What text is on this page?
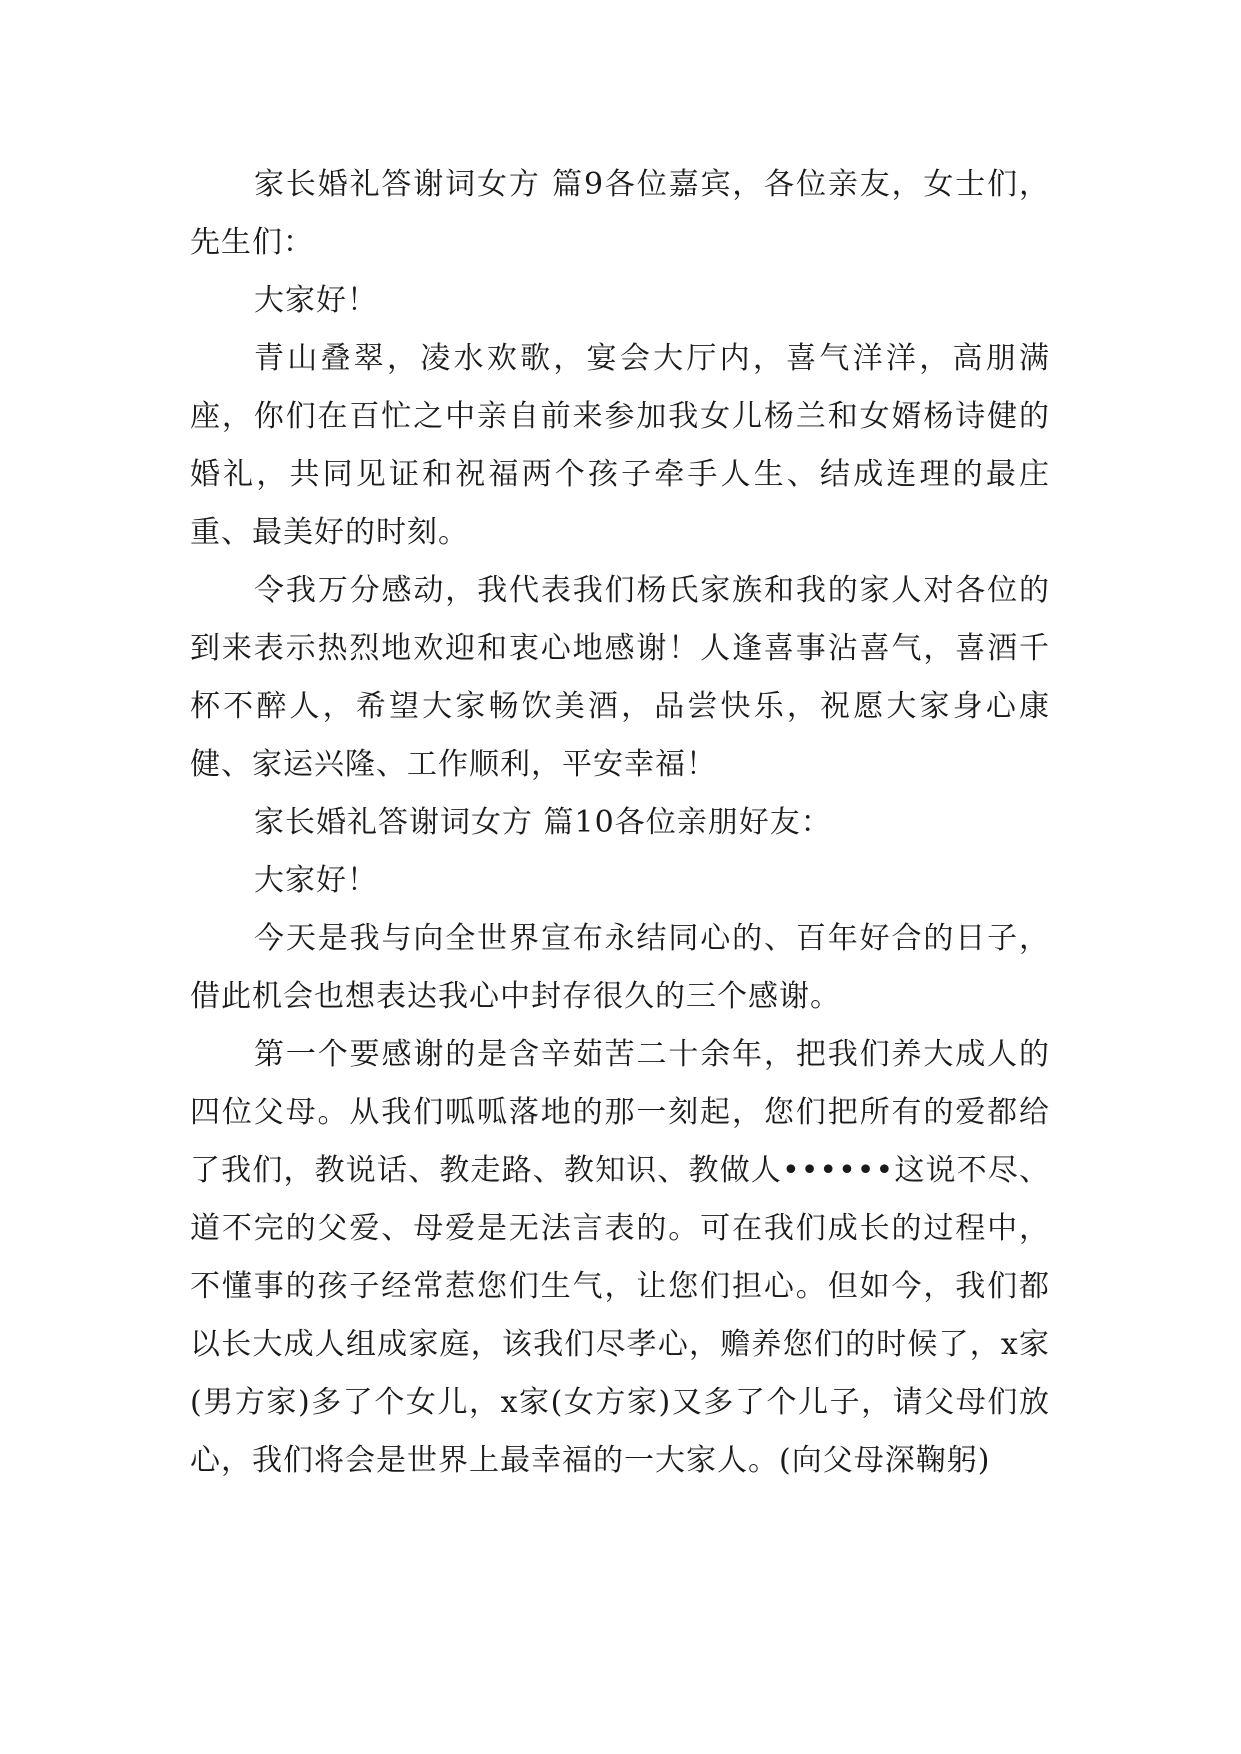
家长婚礼答谢词女方 篇9各位嘉宾，各位亲友，女士们，先生们：

大家好！

青山叠翠，凌水欢歌，宴会大厅内，喜气洋洋，高朋满座，你们在百忙之中亲自前来参加我女儿杨兰和女婿杨诗健的婚礼，共同见证和祝福两个孩子牵手人生、结成连理的最庄重、最美好的时刻。

令我万分感动，我代表我们杨氏家族和我的家人对各位的到来表示热烈地欢迎和衷心地感谢！人逢喜事沾喜气，喜酒千杯不醉人，希望大家畅饮美酒，品尝快乐，祝愿大家身心康健、家运兴隆、工作顺利，平安幸福！

家长婚礼答谢词女方 篇10各位亲朋好友：

大家好！

今天是我与向全世界宣布永结同心的、百年好合的日子，借此机会也想表达我心中封存很久的三个感谢。

第一个要感谢的是含辛茹苦二十余年，把我们养大成人的四位父母。从我们呱呱落地的那一刻起，您们把所有的爱都给了我们，教说话、教走路、教知识、教做人••••••这说不尽、道不完的父爱、母爱是无法言表的。可在我们成长的过程中，不懂事的孩子经常惹您们生气，让您们担心。但如今，我们都以长大成人组成家庭，该我们尽孝心，赡养您们的时候了，x家(男方家)多了个女儿，x家(女方家)又多了个儿子，请父母们放心，我们将会是世界上最幸福的一大家人。(向父母深鞠躬)
